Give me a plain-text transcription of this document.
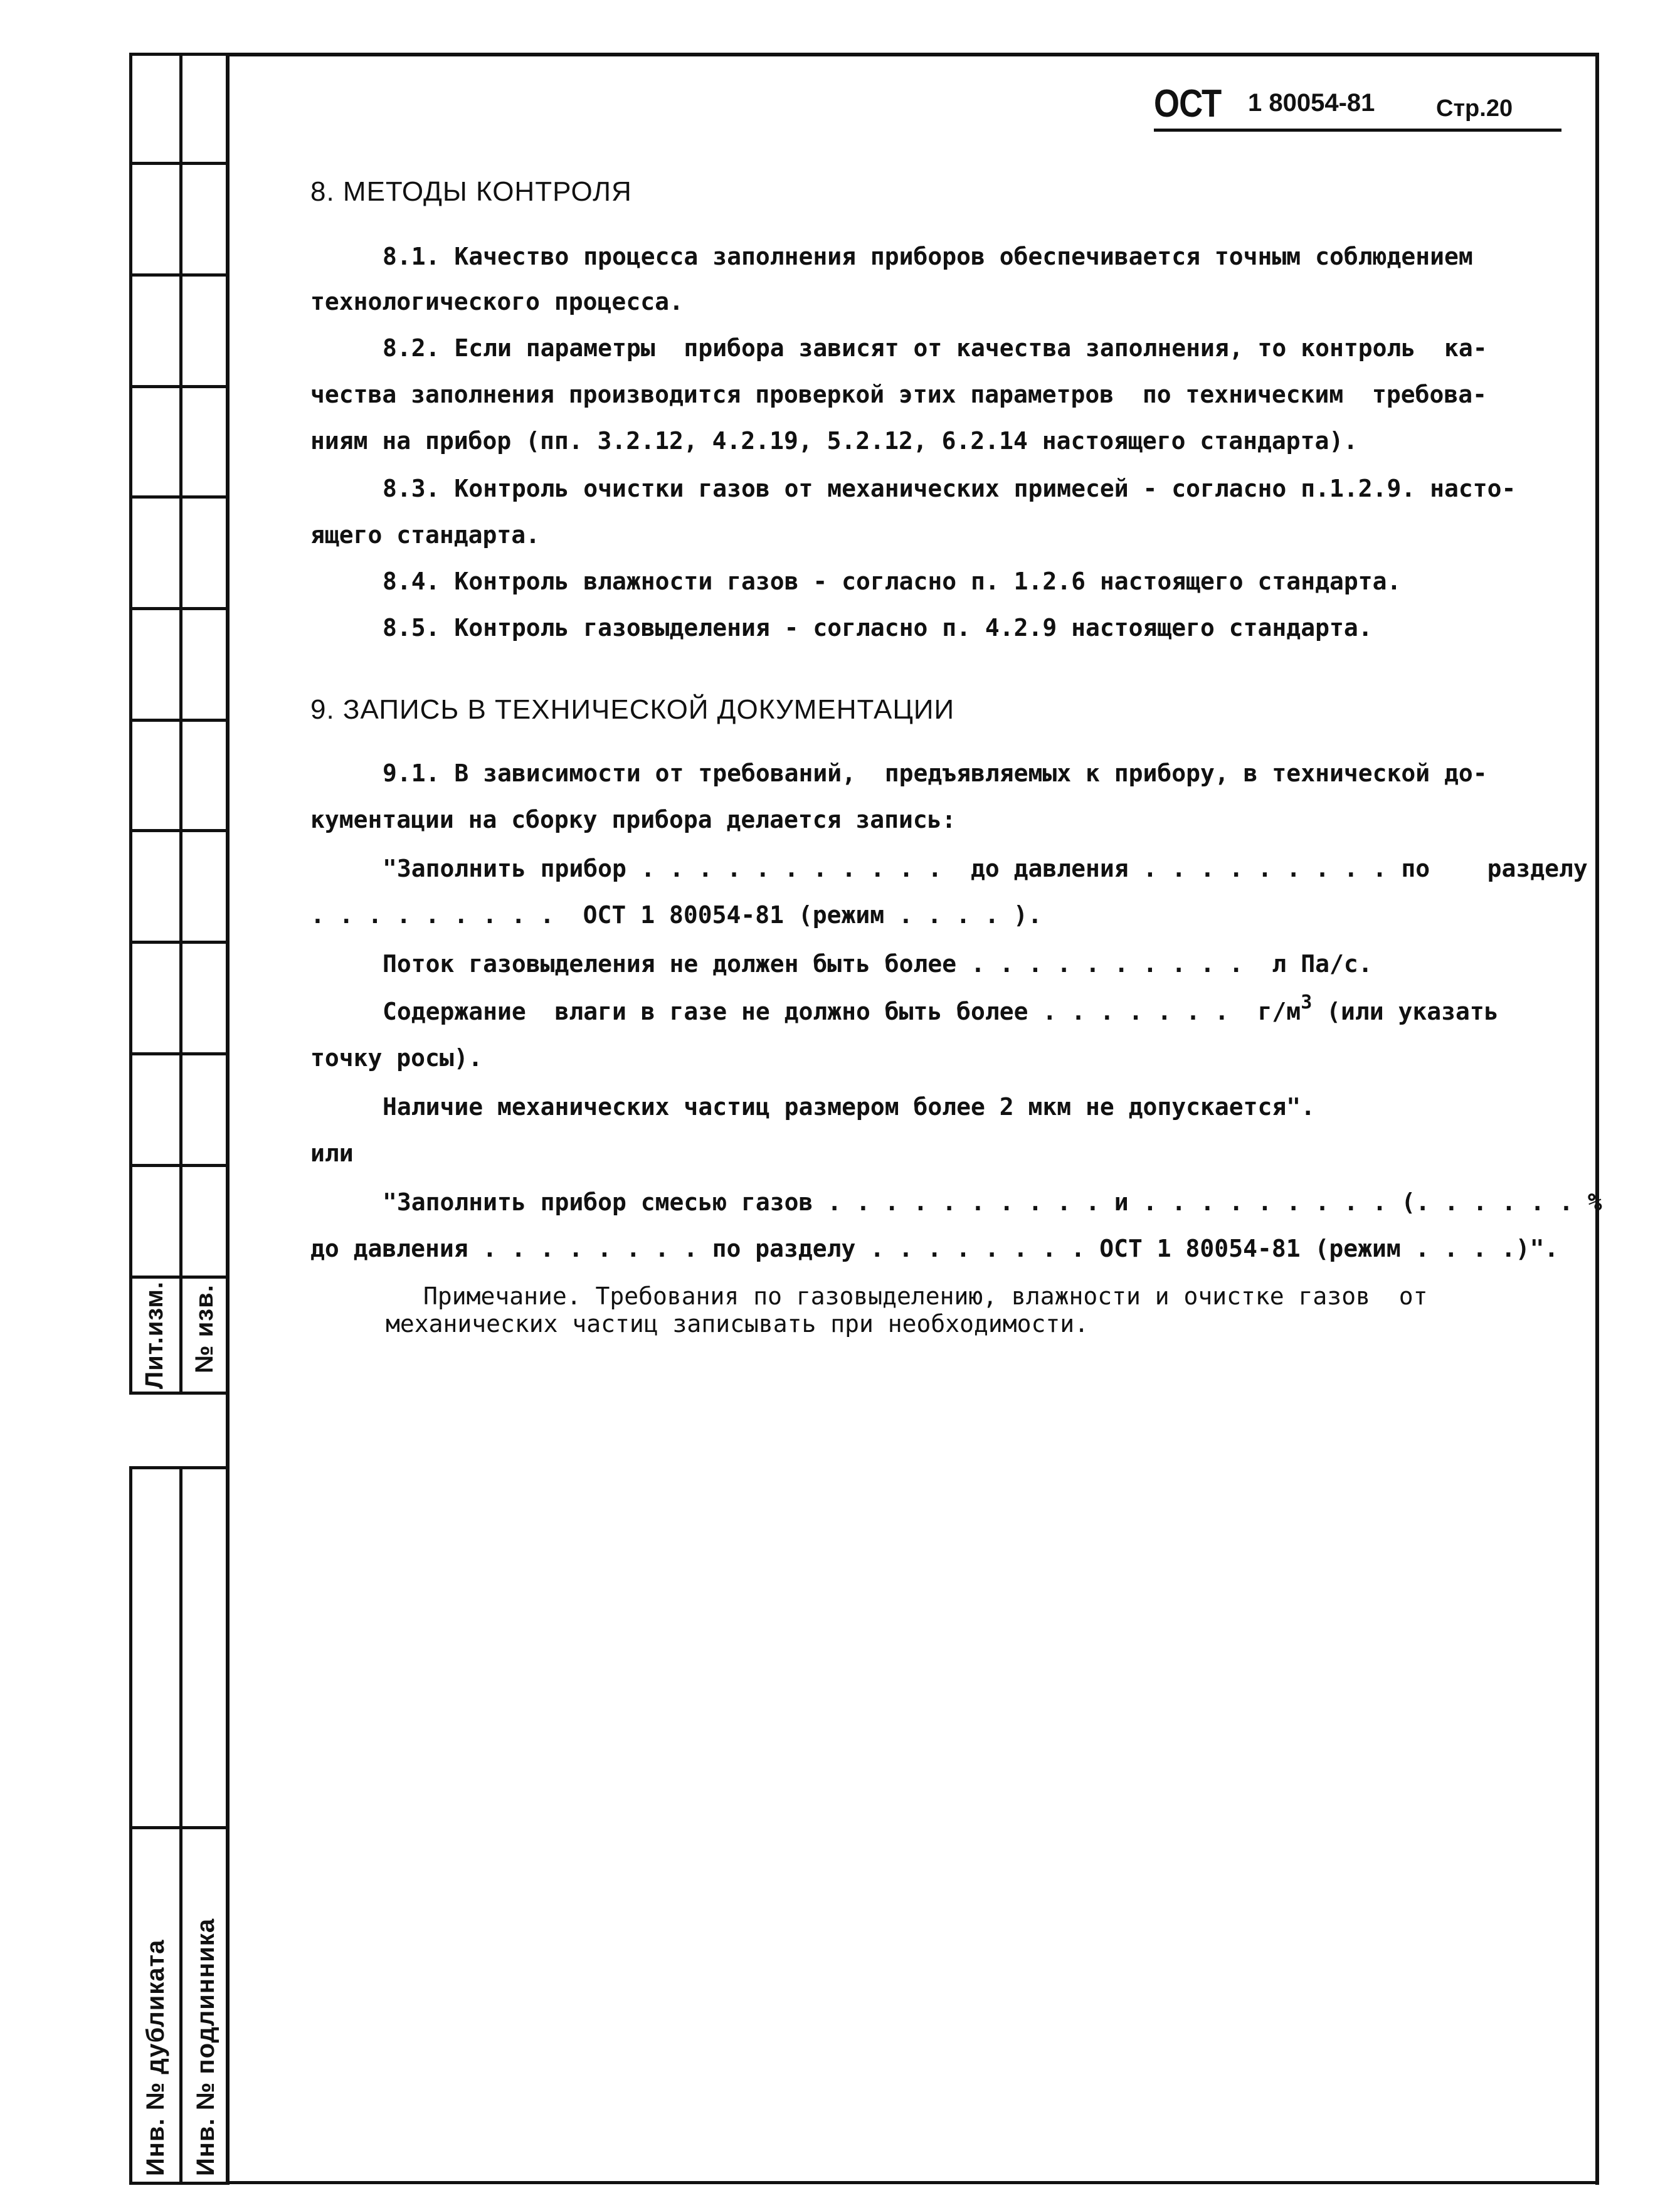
Лит.изм. № изв.
Инв. № дубликата Инв. № подлинника
ОСТ 1 80054-81	Стр.20
8. МЕТОДЫ КОНТРОЛЯ
8.1. Качество процесса заполнения приборов обеспечивается точным соблюдением
технологического процесса.
8.2. Если параметры  прибора зависят от качества заполнения, то контроль  ка-
чества заполнения производится проверкой этих параметров  по техническим  требова-
ниям на прибор (пп. 3.2.12, 4.2.19, 5.2.12, 6.2.14 настоящего стандарта).
8.3. Контроль очистки газов от механических примесей - согласно п.1.2.9. насто-
ящего стандарта.
8.4. Контроль влажности газов - согласно п. 1.2.6 настоящего стандарта.
8.5. Контроль газовыделения - согласно п. 4.2.9 настоящего стандарта.
9. ЗАПИСЬ В ТЕХНИЧЕСКОЙ ДОКУМЕНТАЦИИ
9.1. В зависимости от требований,  предъявляемых к прибору, в технической до-
кументации на сборку прибора делается запись:
"Заполнить прибор . . . . . . . . . . .  до давления . . . . . . . . . по    разделу
. . . . . . . . .  ОСТ 1 80054-81 (режим . . . . ).
Поток газовыделения не должен быть более . . . . . . . . . .  л Па/с.
Содержание  влаги в газе не должно быть более . . . . . . .  $г/м^3$ (или указать
точку росы).
Наличие механических частиц размером более 2 мкм не допускается".
или
"Заполнить прибор смесью газов . . . . . . . . . . и . . . . . . . . . (. . . . . . %
до давления . . . . . . . . по разделу . . . . . . . . ОСТ 1 80054-81 (режим . . . .)".
Примечание. Требования по газовыделению, влажности и очистке газов  от
механических частиц записывать при необходимости.
